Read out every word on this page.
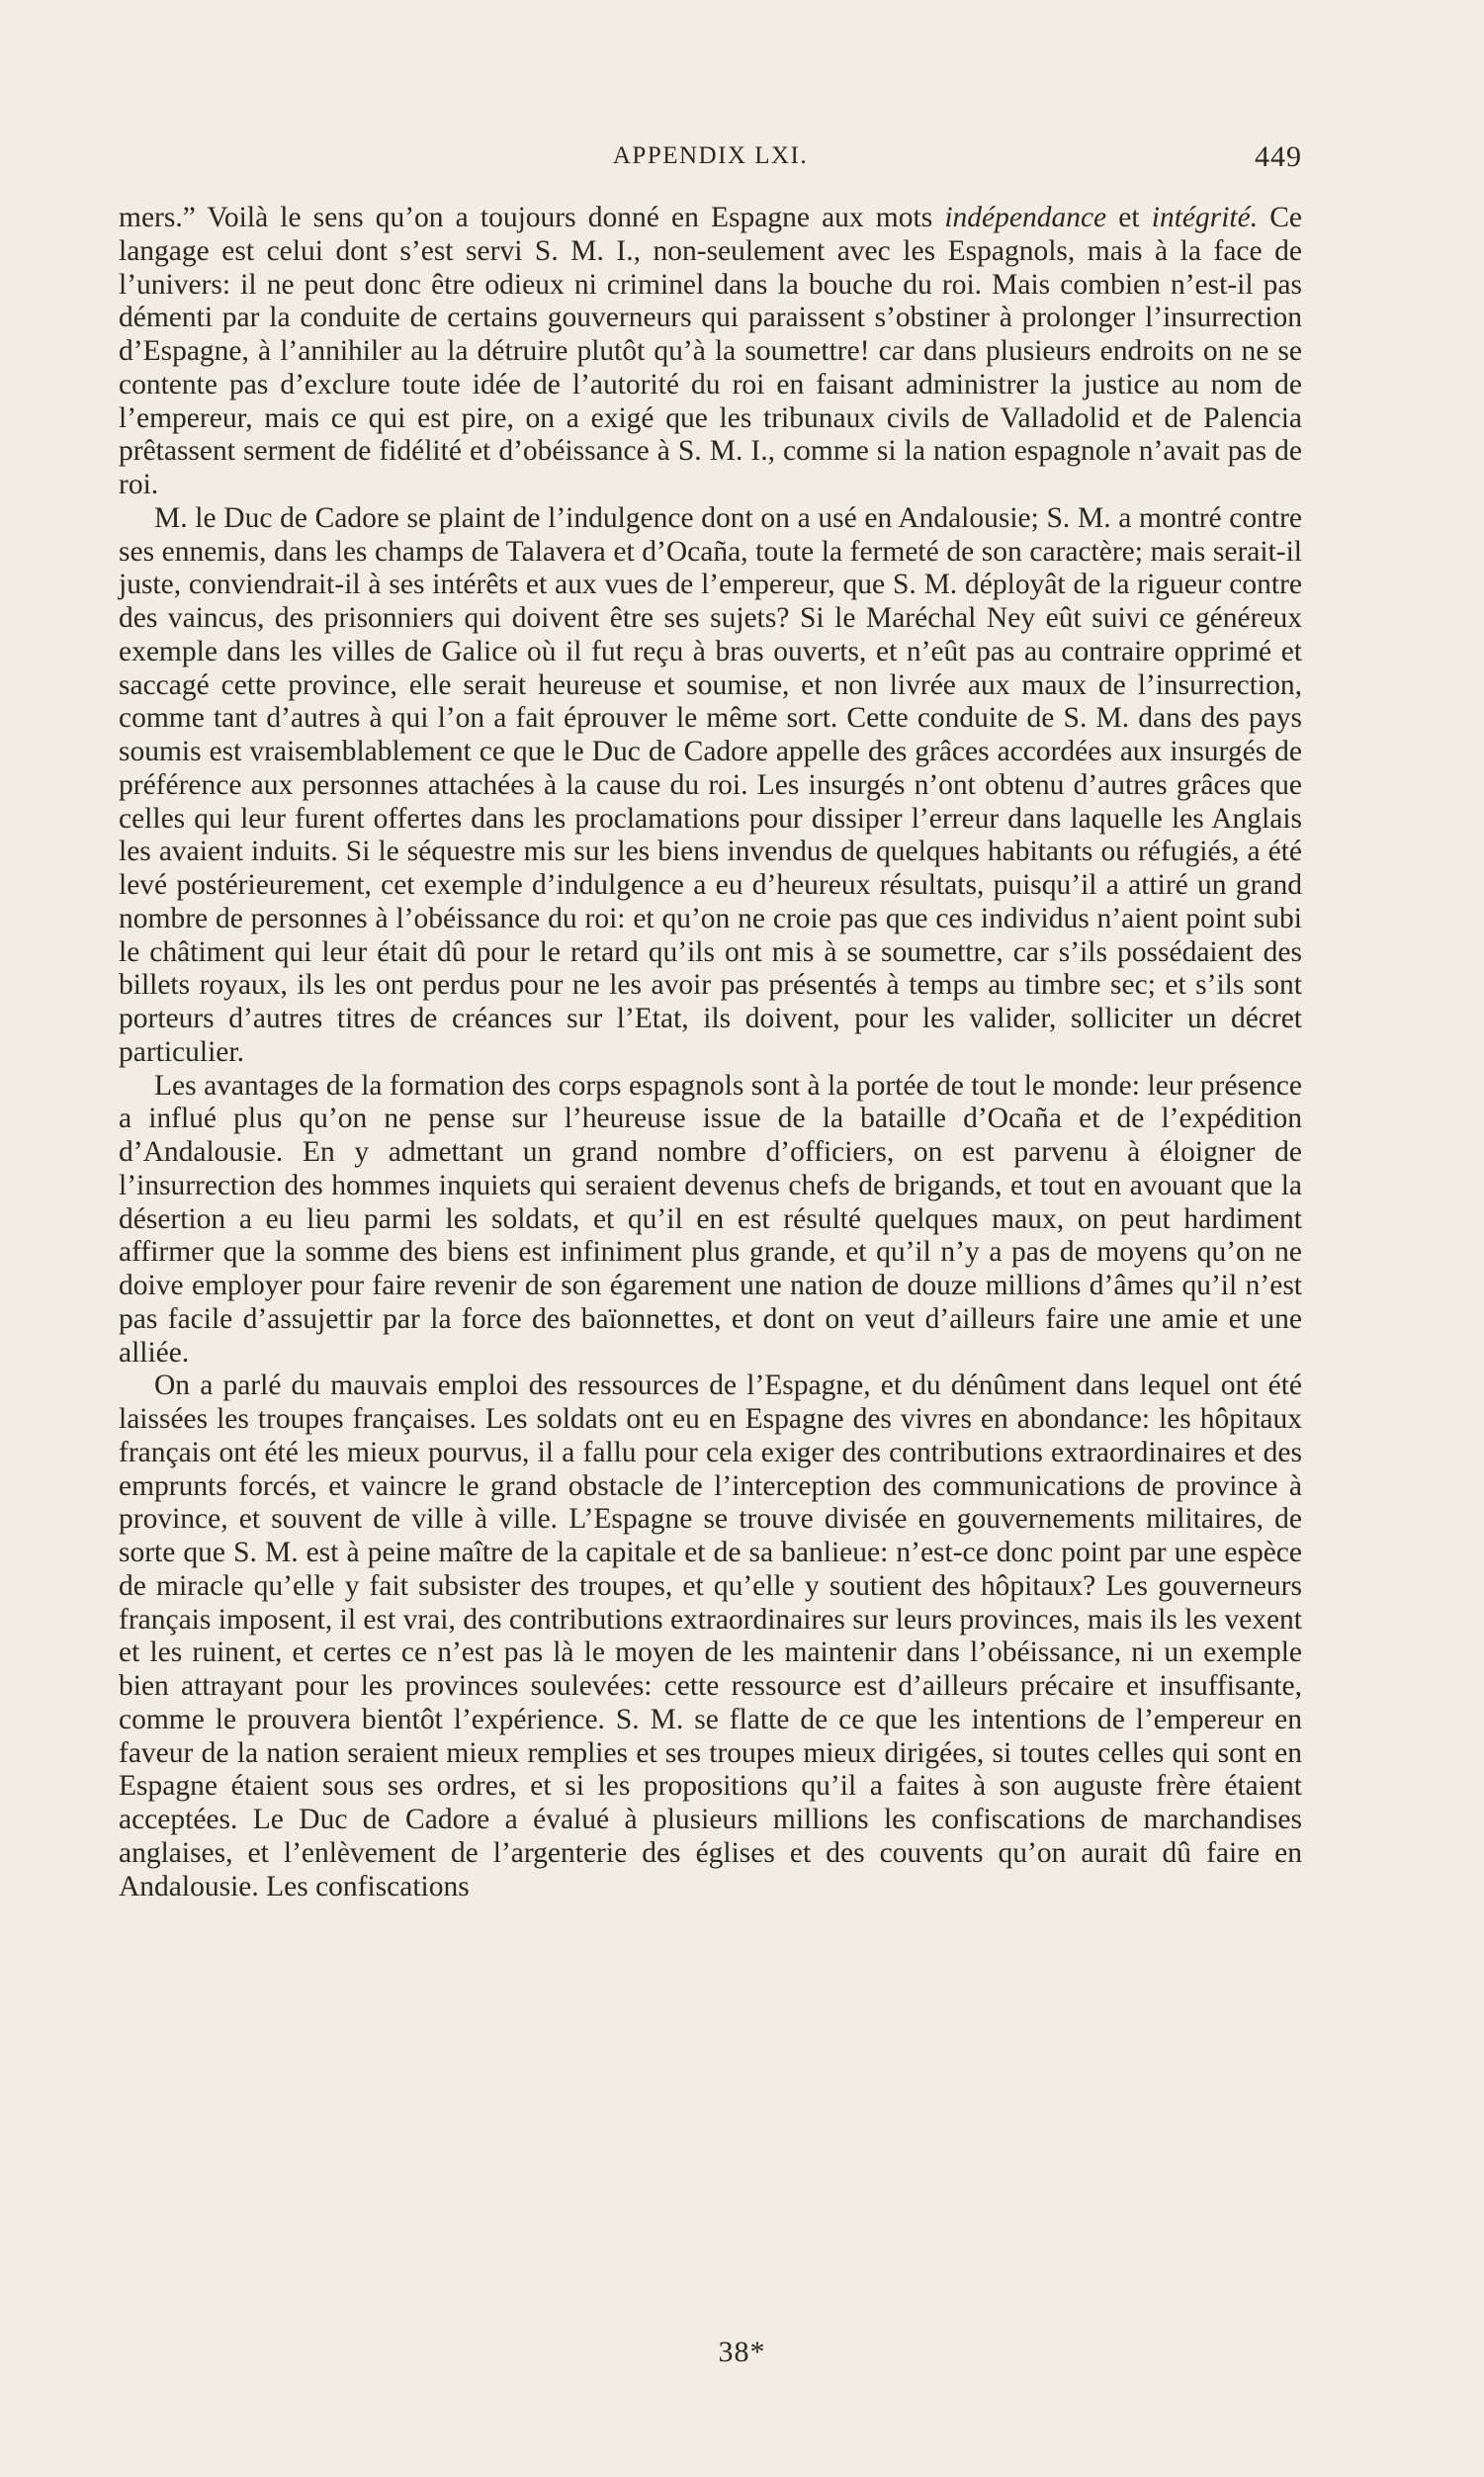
APPENDIX LXI.	449

mers.” Voilà le sens qu’on a toujours donné en Espagne aux mots indépendance et intégrité. Ce langage est celui dont s’est servi S. M. I., non-seulement avec les Espagnols, mais à la face de l’univers: il ne peut donc être odieux ni criminel dans la bouche du roi. Mais combien n’est-il pas démenti par la conduite de certains gouverneurs qui paraissent s’obstiner à prolonger l’insurrection d’Espagne, à l’annihiler au la détruire plutôt qu’à la soumettre! car dans plusieurs endroits on ne se contente pas d’exclure toute idée de l’autorité du roi en faisant administrer la justice au nom de l’empereur, mais ce qui est pire, on a exigé que les tribunaux civils de Valladolid et de Palencia prêtassent serment de fidélité et d’obéissance à S. M. I., comme si la nation espagnole n’avait pas de roi.

M. le Duc de Cadore se plaint de l’indulgence dont on a usé en Andalousie; S. M. a montré contre ses ennemis, dans les champs de Talavera et d’Ocaña, toute la fermeté de son caractère; mais serait-il juste, conviendrait-il à ses intérêts et aux vues de l’empereur, que S. M. déployât de la rigueur contre des vaincus, des prisonniers qui doivent être ses sujets? Si le Maréchal Ney eût suivi ce généreux exemple dans les villes de Galice où il fut reçu à bras ouverts, et n’eût pas au contraire opprimé et saccagé cette province, elle serait heureuse et soumise, et non livrée aux maux de l’insurrection, comme tant d’autres à qui l’on a fait éprouver le même sort. Cette conduite de S. M. dans des pays soumis est vraisemblablement ce que le Duc de Cadore appelle des grâces accordées aux insurgés de préférence aux personnes attachées à la cause du roi. Les insurgés n’ont obtenu d’autres grâces que celles qui leur furent offertes dans les proclamations pour dissiper l’erreur dans laquelle les Anglais les avaient induits. Si le séquestre mis sur les biens invendus de quelques habitants ou réfugiés, a été levé postérieurement, cet exemple d’indulgence a eu d’heureux résultats, puisqu’il a attiré un grand nombre de personnes à l’obéissance du roi: et qu’on ne croie pas que ces individus n’aient point subi le châtiment qui leur était dû pour le retard qu’ils ont mis à se soumettre, car s’ils possédaient des billets royaux, ils les ont perdus pour ne les avoir pas présentés à temps au timbre sec; et s’ils sont porteurs d’autres titres de créances sur l’Etat, ils doivent, pour les valider, solliciter un décret particulier.

Les avantages de la formation des corps espagnols sont à la portée de tout le monde: leur présence a influé plus qu’on ne pense sur l’heureuse issue de la bataille d’Ocaña et de l’expédition d’Andalousie. En y admettant un grand nombre d’officiers, on est parvenu à éloigner de l’insurrection des hommes inquiets qui seraient devenus chefs de brigands, et tout en avouant que la désertion a eu lieu parmi les soldats, et qu’il en est résulté quelques maux, on peut hardiment affirmer que la somme des biens est infiniment plus grande, et qu’il n’y a pas de moyens qu’on ne doive employer pour faire revenir de son égarement une nation de douze millions d’âmes qu’il n’est pas facile d’assujettir par la force des baïonnettes, et dont on veut d’ailleurs faire une amie et une alliée.

On a parlé du mauvais emploi des ressources de l’Espagne, et du dénûment dans lequel ont été laissées les troupes françaises. Les soldats ont eu en Espagne des vivres en abondance: les hôpitaux français ont été les mieux pourvus, il a fallu pour cela exiger des contributions extraordinaires et des emprunts forcés, et vaincre le grand obstacle de l’interception des communications de province à province, et souvent de ville à ville. L’Espagne se trouve divisée en gouvernements militaires, de sorte que S. M. est à peine maître de la capitale et de sa banlieue: n’est-ce donc point par une espèce de miracle qu’elle y fait subsister des troupes, et qu’elle y soutient des hôpitaux? Les gouverneurs français imposent, il est vrai, des contributions extraordinaires sur leurs provinces, mais ils les vexent et les ruinent, et certes ce n’est pas là le moyen de les maintenir dans l’obéissance, ni un exemple bien attrayant pour les provinces soulevées: cette ressource est d’ailleurs précaire et insuffisante, comme le prouvera bientôt l’expérience. S. M. se flatte de ce que les intentions de l’empereur en faveur de la nation seraient mieux remplies et ses troupes mieux dirigées, si toutes celles qui sont en Espagne étaient sous ses ordres, et si les propositions qu’il a faites à son auguste frère étaient acceptées. Le Duc de Cadore a évalué à plusieurs millions les confiscations de marchandises anglaises, et l’enlèvement de l’argenterie des églises et des couvents qu’on aurait dû faire en Andalousie. Les confiscations

38*
